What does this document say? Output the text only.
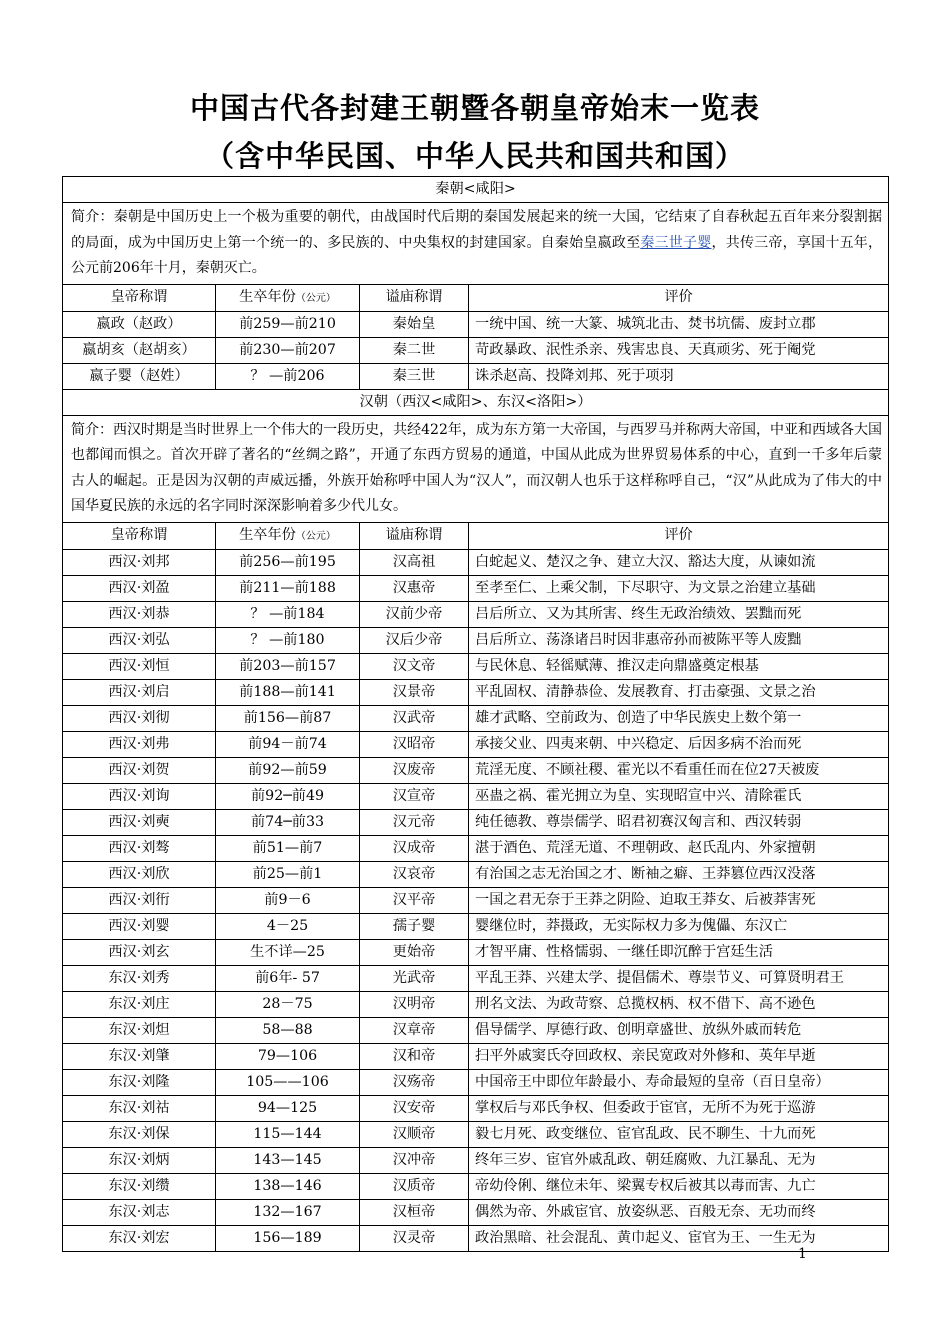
中国古代各封建王朝暨各朝皇帝始末一览表
（含中华民国、中华人民共和国共和国）
秦朝<咸阳>			
简介：秦朝是中国历史上一个极为重要的朝代，由战国时代后期的秦国发展起来的统一大国，它结束了自春秋起五百年来分裂割据的局面，成为中国历史上第一个统一的、多民族的、中央集权的封建国家。自秦始皇嬴政至秦三世子婴，共传三帝，享国十五年，公元前206年十月，秦朝灭亡。			
皇帝称谓	生卒年份（公元）	谥庙称谓	评价
嬴政（赵政）	前259—前210	秦始皇	一统中国、统一大篆、城筑北击、焚书坑儒、废封立郡
嬴胡亥（赵胡亥）	前230—前207	秦二世	苛政暴政、泯性杀亲、残害忠良、天真顽劣、死于阉党
嬴子婴（赵姓）	？ —前206	秦三世	诛杀赵高、投降刘邦、死于项羽
汉朝（西汉<咸阳>、东汉<洛阳>）			
简介：西汉时期是当时世界上一个伟大的一段历史，共经422年，成为东方第一大帝国，与西罗马并称两大帝国，中亚和西域各大国也都闻而惧之。首次开辟了著名的“丝绸之路”，开通了东西方贸易的通道，中国从此成为世界贸易体系的中心，直到一千多年后蒙古人的崛起。正是因为汉朝的声威远播，外族开始称呼中国人为“汉人”，而汉朝人也乐于这样称呼自己，“汉”从此成为了伟大的中国华夏民族的永远的名字同时深深影响着多少代儿女。			
皇帝称谓	生卒年份（公元）	谥庙称谓	评价
西汉·刘邦	前256—前195	汉高祖	白蛇起义、楚汉之争、建立大汉、豁达大度，从谏如流
西汉·刘盈	前211—前188	汉惠帝	至孝至仁、上乘父制，下尽职守、为文景之治建立基础
西汉·刘恭	？ —前184	汉前少帝	吕后所立、又为其所害、终生无政治绩效、罢黜而死
西汉·刘弘	？ —前180	汉后少帝	吕后所立、荡涤诸吕时因非惠帝孙而被陈平等人废黜
西汉·刘恒	前203—前157	汉文帝	与民休息、轻徭赋薄、推汉走向鼎盛奠定根基
西汉·刘启	前188—前141	汉景帝	平乱固权、清静恭俭、发展教育、打击豪强、文景之治
西汉·刘彻	前156—前87	汉武帝	雄才武略、空前政为、创造了中华民族史上数个第一
西汉·刘弗	前94－前74	汉昭帝	承接父业、四夷来朝、中兴稳定、后因多病不治而死
西汉·刘贺	前92—前59	汉废帝	荒淫无度、不顾社稷、霍光以不看重任而在位27天被废
西汉·刘询	前92─前49	汉宣帝	巫蛊之祸、霍光拥立为皇、实现昭宣中兴、清除霍氏
西汉·刘奭	前74─前33	汉元帝	纯任德教、尊崇儒学、昭君初赛汉匈言和、西汉转弱
西汉·刘骜	前51—前7	汉成帝	湛于酒色、荒淫无道、不理朝政、赵氏乱内、外家擅朝
西汉·刘欣	前25—前1	汉哀帝	有治国之志无治国之才、断袖之癖、王莽篡位西汉没落
西汉·刘衎	前9－6	汉平帝	一国之君无奈于王莽之阴险、迫取王莽女、后被莽害死
西汉·刘婴	4－25	孺子婴	婴继位时，莽摄政，无实际权力多为傀儡、东汉亡
西汉·刘玄	生不详—25	更始帝	才智平庸、性格懦弱、一继任即沉醉于宫廷生活
东汉·刘秀	前6年- 57	光武帝	平乱王莽、兴建太学、提倡儒术、尊崇节义、可算贤明君王
东汉·刘庄	28－75	汉明帝	刑名文法、为政苛察、总揽权柄、权不借下、高不逊色
东汉·刘炟	58—88	汉章帝	倡导儒学、厚德行政、创明章盛世、放纵外戚而转危
东汉·刘肇	79—106	汉和帝	扫平外戚窦氏夺回政权、亲民宽政对外修和、英年早逝
东汉·刘隆	105——106	汉殇帝	中国帝王中即位年龄最小、寿命最短的皇帝（百日皇帝）
东汉·刘祜	94—125	汉安帝	掌权后与邓氏争权、但委政于宦官，无所不为死于巡游
东汉·刘保	115—144	汉顺帝	毅七月死、政变继位、宦官乱政、民不聊生、十九而死
东汉·刘炳	143—145	汉冲帝	终年三岁、宦官外戚乱政、朝廷腐败、九江暴乱、无为
东汉·刘缵	138—146	汉质帝	帝幼伶俐、继位未年、梁翼专权后被其以毒而害、九亡
东汉·刘志	132—167	汉桓帝	偶然为帝、外戚宦官、放姿纵恶、百般无奈、无功而终
东汉·刘宏	156—189	汉灵帝	政治黑暗、社会混乱、黄巾起义、宦官为王、一生无为
1
